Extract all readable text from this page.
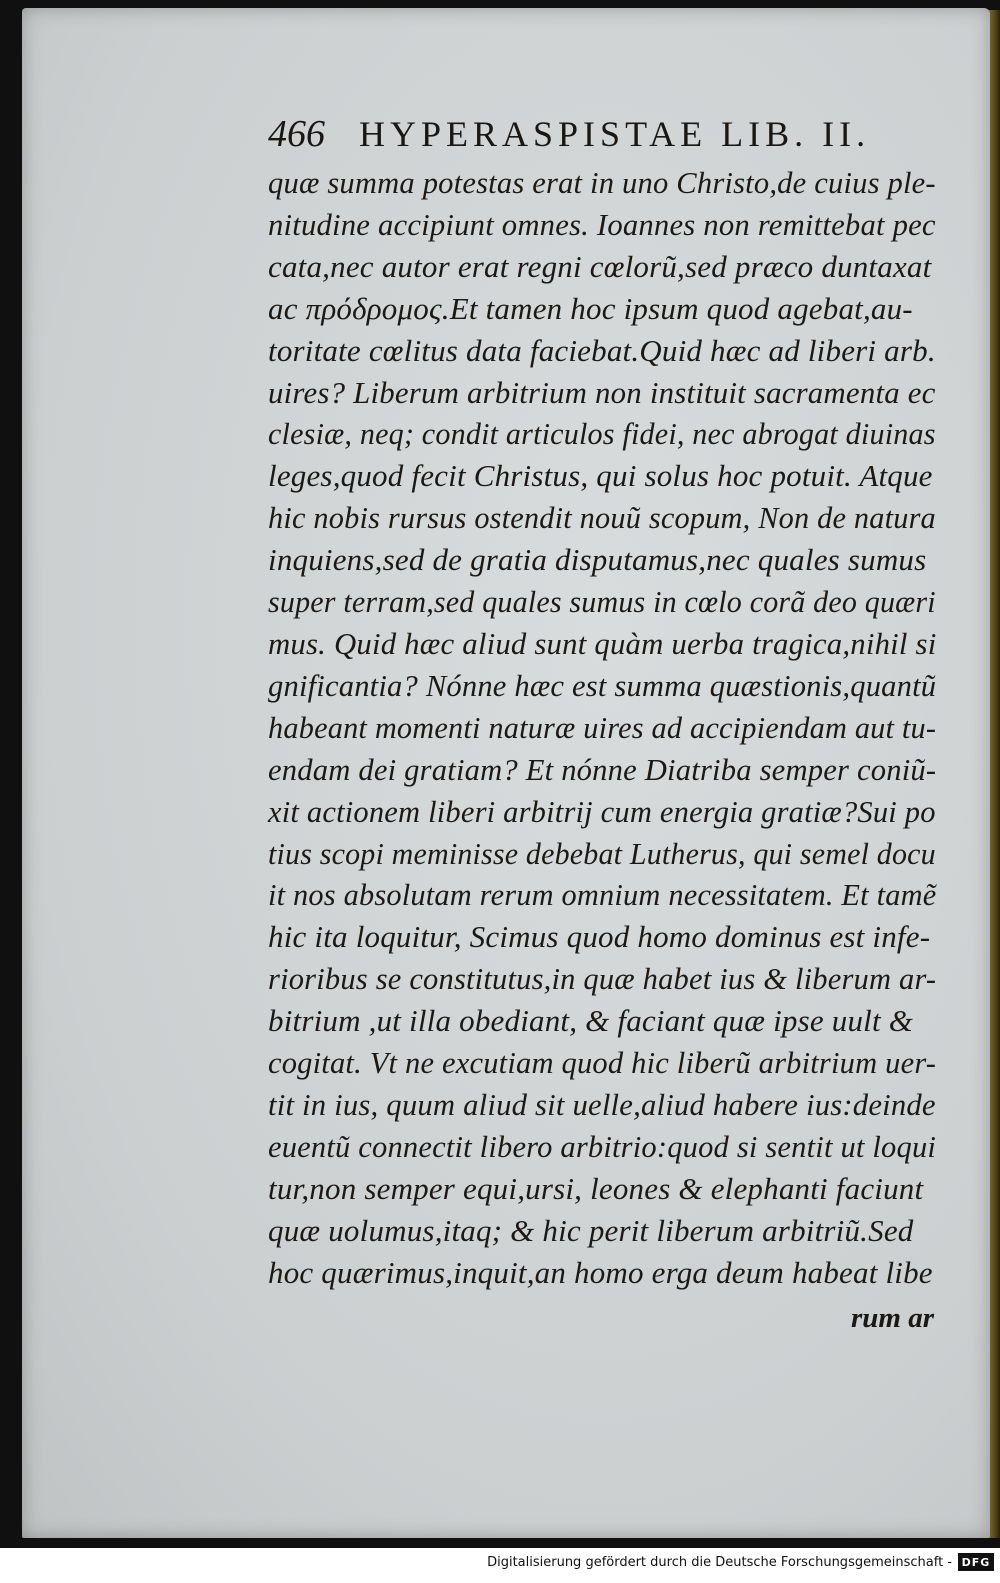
466 HYPERASPISTAE LIB. II.
quæ summa potestas erat in uno Christo,de cuius ple-
nitudine accipiunt omnes. Ioannes non remittebat pec
cata,nec autor erat regni cœlorũ,sed præco duntaxat
ac πρόδρομος.Et tamen hoc ipsum quod agebat,au-
toritate cœlitus data faciebat.Quid hæc ad liberi arb.
uires? Liberum arbitrium non instituit sacramenta ec
clesiæ, neq; condit articulos fidei, nec abrogat diuinas
leges,quod fecit Christus, qui solus hoc potuit. Atque
hic nobis rursus ostendit nouũ scopum, Non de natura
inquiens,sed de gratia disputamus,nec quales sumus
super terram,sed quales sumus in cœlo corã deo quæri
mus. Quid hæc aliud sunt quàm uerba tragica,nihil si
gnificantia? Nónne hæc est summa quæstionis,quantũ
habeant momenti naturæ uires ad accipiendam aut tu-
endam dei gratiam? Et nónne Diatriba semper coniũ-
xit actionem liberi arbitrij cum energia gratiæ?Sui po
tius scopi meminisse debebat Lutherus, qui semel docu
it nos absolutam rerum omnium necessitatem. Et tamẽ
hic ita loquitur, Scimus quod homo dominus est infe-
rioribus se constitutus,in quæ habet ius & liberum ar-
bitrium ,ut illa obediant, & faciant quæ ipse uult &
cogitat. Vt ne excutiam quod hic liberũ arbitrium uer-
tit in ius, quum aliud sit uelle,aliud habere ius:deinde
euentũ connectit libero arbitrio:quod si sentit ut loqui
tur,non semper equi,ursi, leones & elephanti faciunt
quæ uolumus,itaq; & hic perit liberum arbitriũ.Sed
hoc quærimus,inquit,an homo erga deum habeat libe
rum ar
Digitalisierung gefördert durch die Deutsche Forschungsgemeinschaft - DFG
